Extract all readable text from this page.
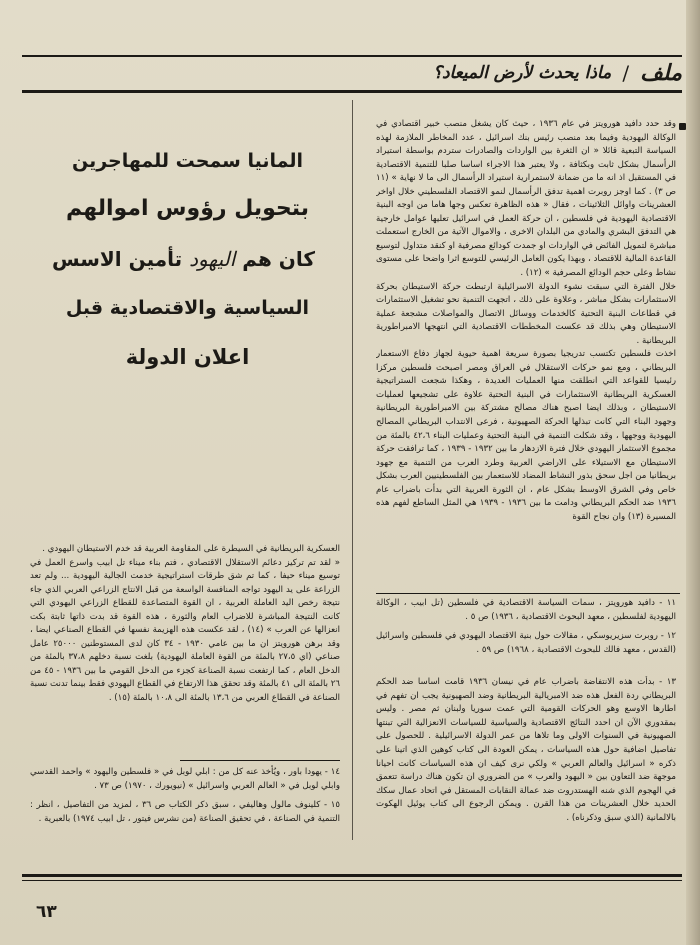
ملف / ماذا يحدث لأرض الميعاد؟
المانيا سمحت للمهاجرين
بتحويل رؤوس اموالهم
كان هم اليهود تأمين الاسس
السياسية والاقتصادية قبل
اعلان الدولة

وقد حدد دافيد هورويتز في عام ١٩٣٦ ، حيث كان يشغل منصب خبير اقتصادي في الوكالة اليهودية وفيما بعد منصب رئيس بنك اسرائيل ، عدد المخاطر الملازمة لهذه السياسة التبعية قائلا « ان الثغرة بين الواردات والصادرات ستردم بواسطة استيراد الرأسمال بشكل ثابت وبكثافة ، ولا يعتبر هذا الاجراء اساسا صلبا للتنمية الاقتصادية في المستقبل اذ انه ما من ضمانة لاستمرارية استيراد الرأسمال الى ما لا نهاية » (١١ ص ٣) . كما اوجز روبرت اهمية تدفق الرأسمال لنمو الاقتصاد الفلسطيني خلال اواخر العشرينات واوائل الثلاثينات ، فقال « هذه الظاهرة تعكس وجها هاما من اوجه البنية الاقتصادية اليهودية في فلسطين ، ان حركة العمل في اسرائيل تعليها عوامل خارجية هي التدفق البشري والمادي من البلدان الاخرى ، والاموال الآتية من الخارج استعملت مباشرة لتمويل الفائض في الواردات او جمدت كودائع مصرفية او كنقد متداول لتوسيع القاعدة المالية للاقتصاد ، وبهذا يكون العامل الرئيسي للتوسع اثرا واضحا على مستوى نشاط وعلى حجم الودائع المصرفية » (١٢) .

خلال الفترة التي سبقت نشوء الدولة الاسرائيلية ارتبطت حركة الاستيطان بحركة الاستثمارات بشكل مباشر ، وعلاوة على ذلك ، اتجهت التنمية نحو تشغيل الاستثمارات في قطاعات البنية التحتية كالخدمات ووسائل الاتصال والمواصلات مشجعة عملية الاستيطان وهي بذلك قد عكست المخططات الاقتصادية التي انتهجها الامبراطورية البريطانية .

اخذت فلسطين تكتسب تدريجيا بصورة سريعة اهمية حيوية لجهاز دفاع الاستعمار البريطاني ، ومع نمو حركات الاستقلال في العراق ومصر اصبحت فلسطين مركزا رئيسيا للقواعد التي انطلقت منها العمليات العديدة ، وهكذا شجعت الستراتيجية العسكرية البريطانية الاستثمارات في البنية التحتية علاوة على تشجيعها لعمليات الاستيطان ، وبذلك ايضا اصبح هناك مصالح مشتركة بين الامبراطورية البريطانية وجهود البناء التي كانت تبذلها الحركة الصهيونية ، فرعى الانتداب البريطاني المصالح اليهودية ووجهها ، وقد شكلت التنمية في البنية التحتية وعمليات البناء ٤٢،٦ بالمئة من مجموع الاستثمار اليهودي خلال فترة الازدهار ما بين ١٩٣٢ - ١٩٣٩ ، كما ترافقت حركة الاستيطان مع الاستيلاء على الاراضي العربية وطرد العرب من التنمية مع جهود بريطانيا من اجل سحق بذور النشاط المضاد للاستعمار بين الفلسطينيين العرب بشكل خاص وفي الشرق الاوسط بشكل عام ، ان الثورة العربية التي بدأت باضراب عام ١٩٣٦ ضد الحكم البريطاني ودامت ما بين ١٩٣٦ - ١٩٣٩ هي المثل الساطع لفهم هذه المسيرة (١٣) وان نجاح القوة

١١ - دافيد هورويتز ، سمات السياسة الاقتصادية في فلسطين (تل ابيب ، الوكالة اليهودية لفلسطين ، معهد البحوث الاقتصادية ، ١٩٣٦) ص ٥ .

١٢ - روبرت سزيريوسكي ، مقالات حول بنية الاقتصاد اليهودي في فلسطين واسرائيل (القدس ، معهد فالك للبحوث الاقتصادية ، ١٩٦٨) ص ٥٩ .

١٣ - بدأت هذه الانتفاضة باضراب عام في نيسان ١٩٣٦ قامت اساسا ضد الحكم البريطاني ردة الفعل هذه ضد الامبريالية البريطانية وضد الصهيونية يجب ان تفهم في اطارها الاوسع وهو الحركات القومية التي عمت سوريا ولبنان ثم مصر . وليس بمقدوري الآن ان احدد النتائج الاقتصادية والسياسية للسياسات الانعزالية التي تبنتها الصهيونية في السنوات الاولى وما تلاها من عمر الدولة الاسرائيلية . للحصول على تفاصيل اضافية حول هذه السياسات ، يمكن العودة الى كتاب كوهين الذي اتينا على ذكره « اسرائيل والعالم العربي » ولكي نرى كيف ان هذه السياسات كانت احيانا موجهة ضد التعاون بين « اليهود والعرب » من الضروري ان تكون هناك دراسة تتعمق في الهجوم الذي شنه الهستدروت ضد عمالة النقابات المستقل في اتحاد عمال سكك الحديد خلال العشرينات من هذا القرن . ويمكن الرجوع الى كتاب يوئيل الهكوت بالالمانية (الذي سبق وذكرناه) .

العسكرية البريطانية في السيطرة على المقاومة العربية قد خدم الاستيطان اليهودي .

« لقد تم تركيز دعائم الاستقلال الاقتصادي ، فتم بناء ميناء تل ابيب واسرع العمل في توسيع ميناء حيفا ، كما تم شق طرقات استراتيجية خدمت الجالية اليهودية ... ولم تعد الزراعة على يد اليهود تواجه المنافسة الواسعة من قبل الانتاج الزراعي العربي الذي جاء نتيجة رخص اليد العاملة العربية ، ان القوة المتصاعدة للقطاع الزراعي اليهودي التي كانت النتيجة المباشرة للاضراب العام والثورة ، هذه القوة قد بدت ذاتها ثابتة بكت انعزالها عن العرب » (١٤) ، لقد عكست هذه الهزيمة نفسها في القطاع الصناعي ايضا ، وقد برهن هورويتز ان ما بين عامي ١٩٣٠ - ٣٤ كان لدى المستوطنين ٢٥٠٠٠ عامل صناعي (اي ٢٧،٥ بالمئة من القوة العاملة اليهودية) بلغت نسبة دخلهم ٣٧،٨ بالمئة من الدخل العام ، كما ارتفعت نسبة الصناعة كجزء من الدخل القومي ما بين ١٩٣٦ - ٤٥ من ٢٦ بالمئة الى ٤١ بالمئة وقد تحقق هذا الارتفاع في القطاع اليهودي فقط بينما تدنت نسبة الصناعة في القطاع العربي من ١٣،٦ بالمئة الى ١٠،٨ بالمئة (١٥) .

١٤ - يهودا باور ، ويُأخذ عنه كل من : ابلي لوبل في « فلسطين واليهود » واحمد القدسي وابلي لوبل في « العالم العربي واسرائيل » (نيويورك ، ١٩٧٠) ص ٧٣ .

١٥ - كلينوف مالول وهاليفي ، سبق ذكر الكتاب ص ٣٦ ، لمزيد من التفاصيل ، انظر : التنمية في الصناعة ، في تحقيق الصناعة (من نشرس فيتور ، تل ابيب ١٩٧٤) بالعبرية .

٦٣
